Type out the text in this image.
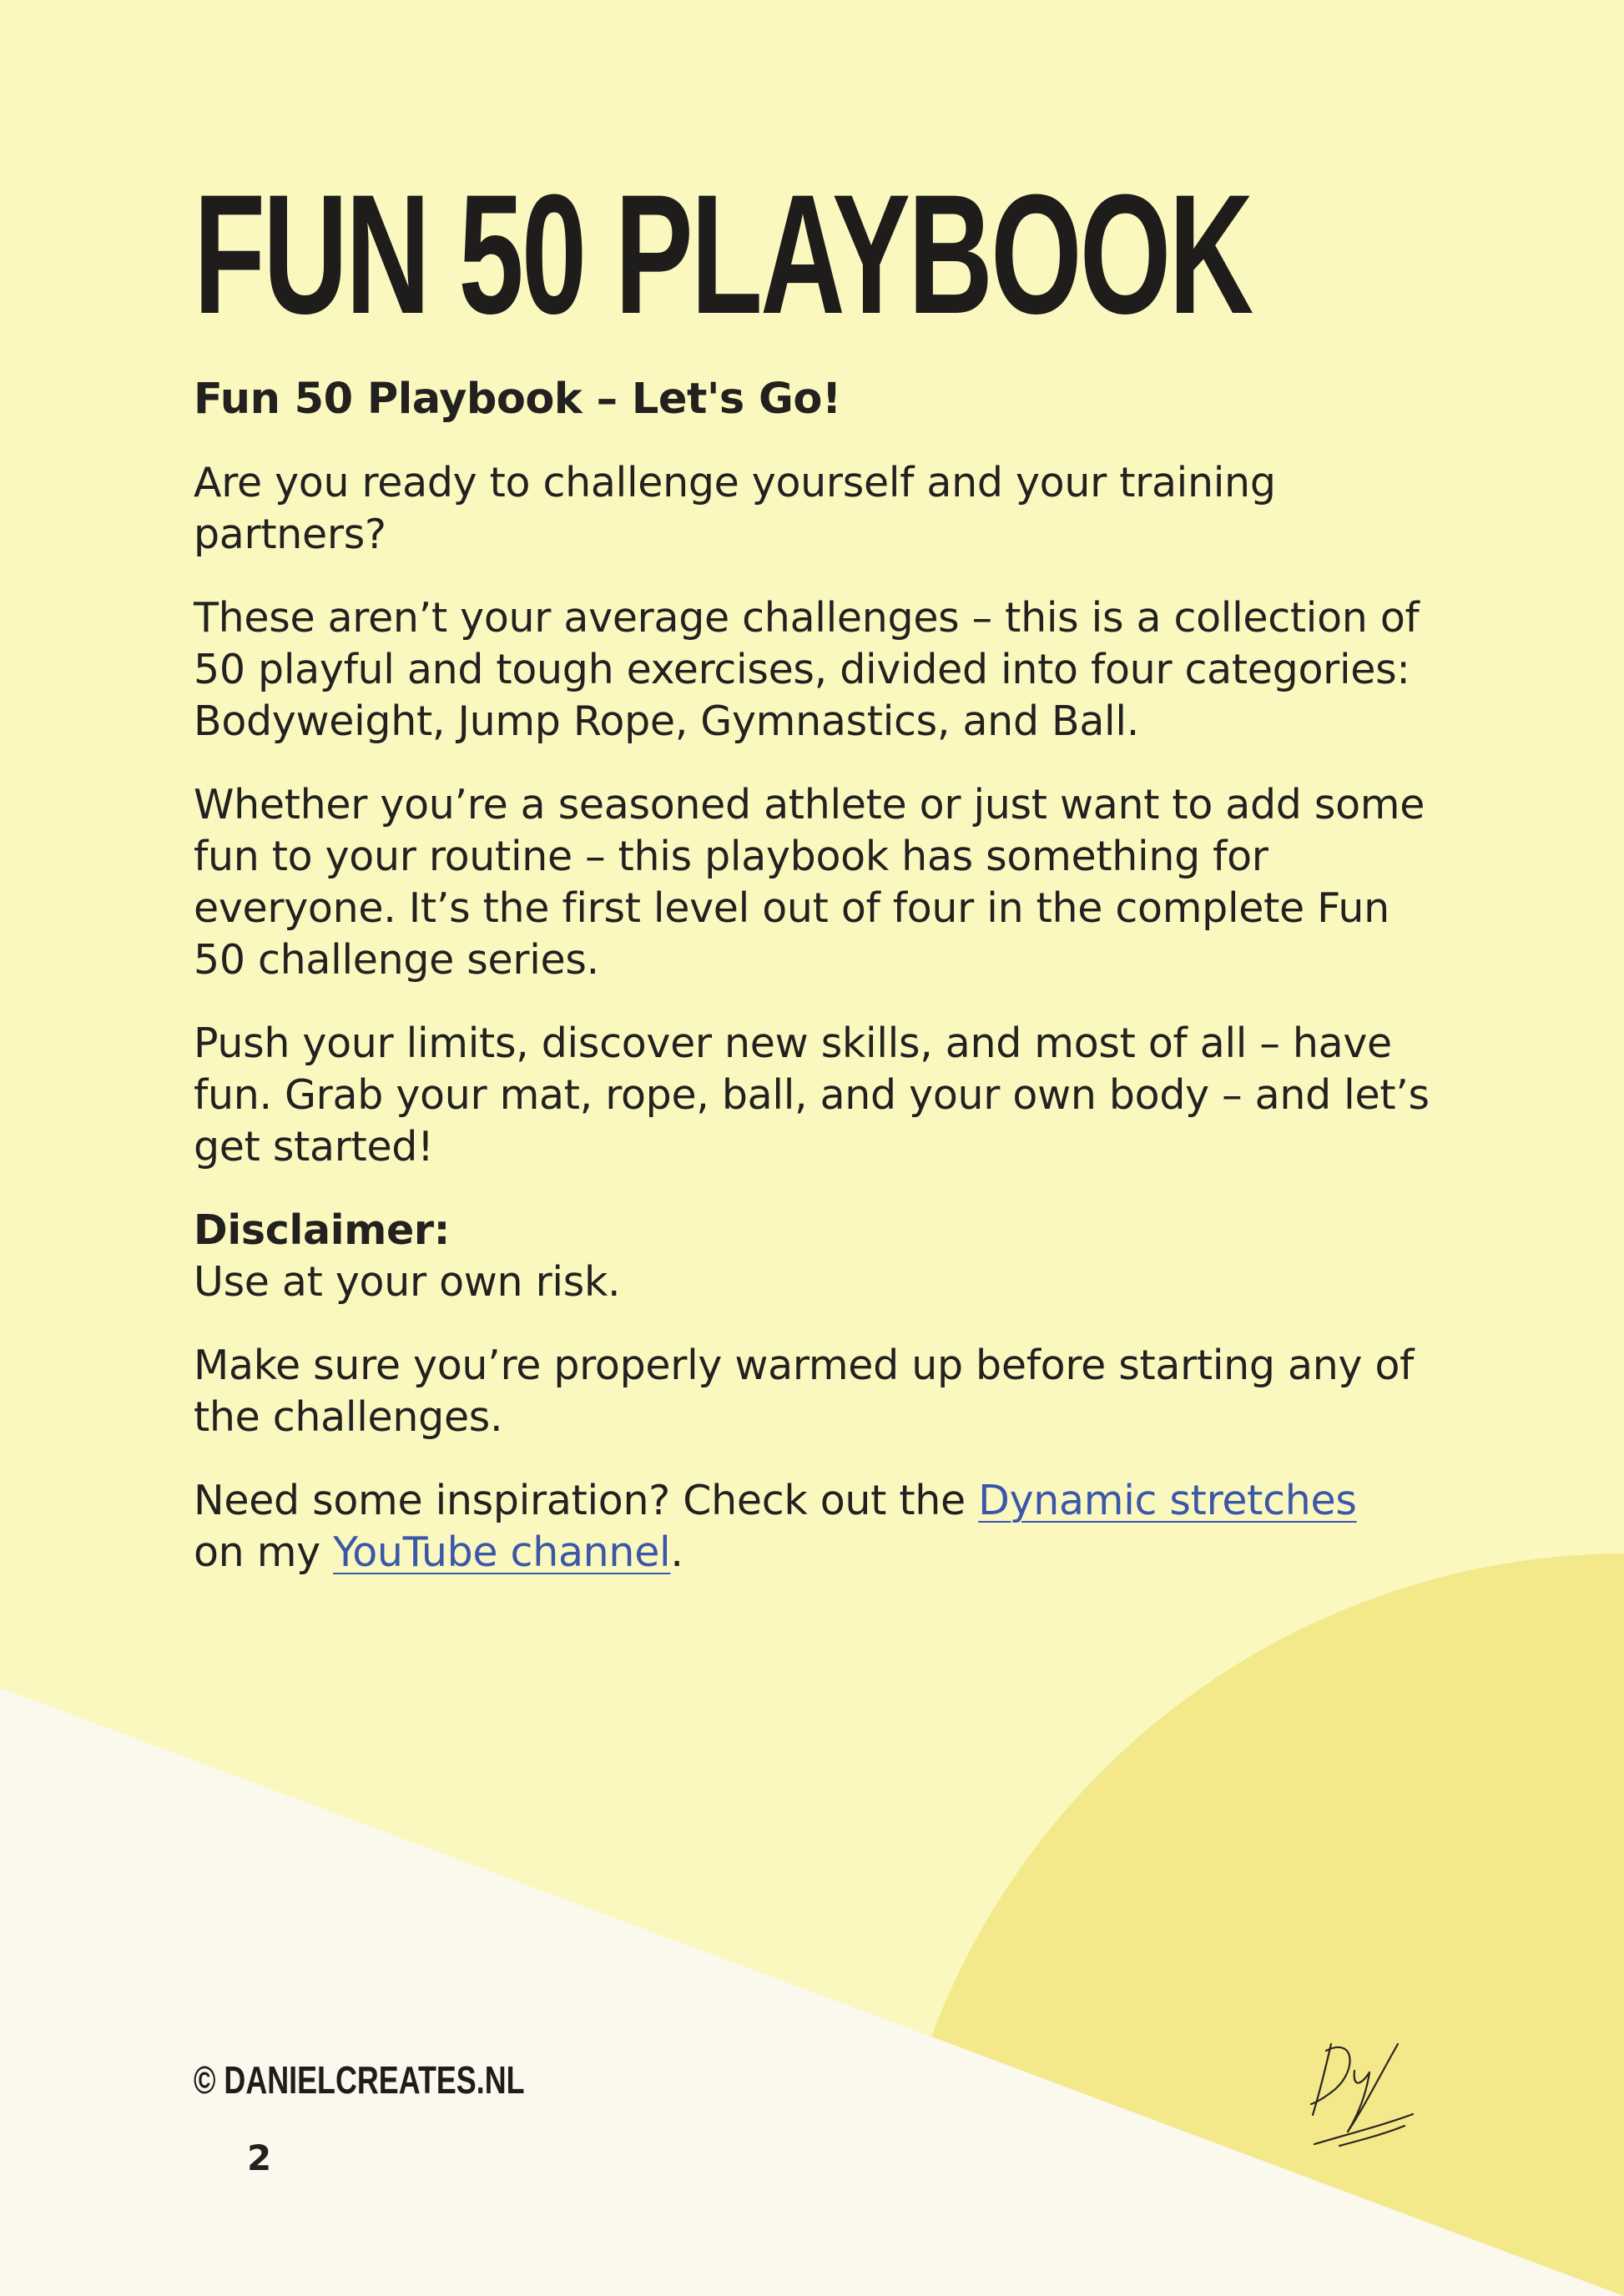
FUN 50 PLAYBOOK
Fun 50 Playbook – Let's Go!

Are you ready to challenge yourself and your training partners?

These aren’t your average challenges – this is a collection of 50 playful and tough exercises, divided into four categories: Bodyweight, Jump Rope, Gymnastics, and Ball.

Whether you’re a seasoned athlete or just want to add some fun to your routine – this playbook has something for everyone. It’s the first level out of four in the complete Fun 50 challenge series.

Push your limits, discover new skills, and most of all – have fun. Grab your mat, rope, ball, and your own body – and let’s get started!

Disclaimer:
Use at your own risk.

Make sure you’re properly warmed up before starting any of the challenges.

Need some inspiration? Check out the Dynamic stretches
on my YouTube channel.

© DANIELCREATES.NL
2
